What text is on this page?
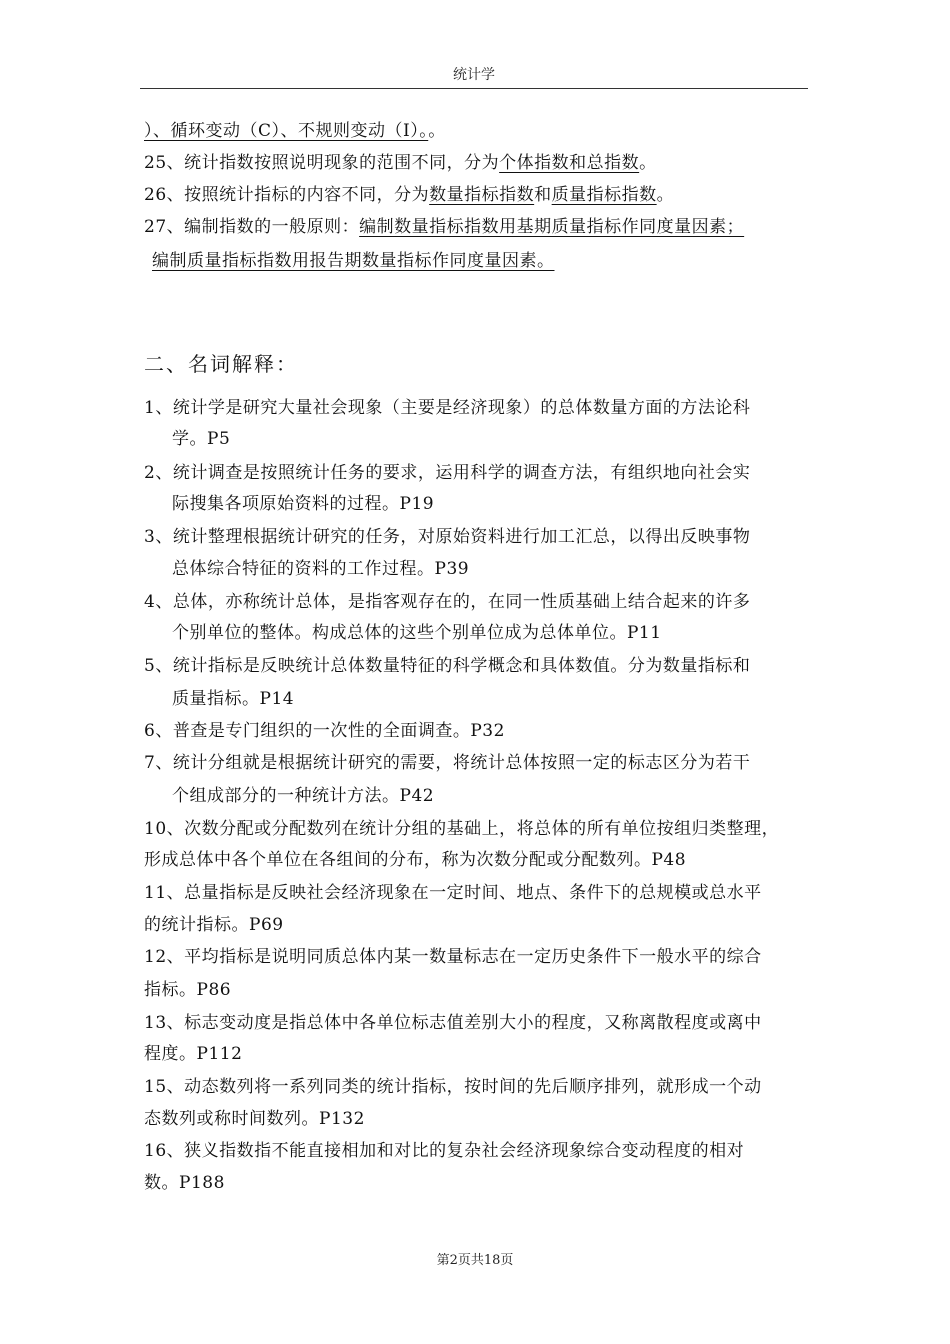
统计学
）、循环变动（C）、不规则变动（I）。。
25、统计指数按照说明现象的范围不同，分为个体指数和总指数。
26、按照统计指标的内容不同，分为数量指标指数和质量指标指数。
27、编制指数的一般原则：编制数量指标指数用基期质量指标作同度量因素；
编制质量指标指数用报告期数量指标作同度量因素。
二、名词解释：
1、统计学是研究大量社会现象（主要是经济现象）的总体数量方面的方法论科
学。P5
2、统计调查是按照统计任务的要求，运用科学的调查方法，有组织地向社会实
际搜集各项原始资料的过程。P19
3、统计整理根据统计研究的任务，对原始资料进行加工汇总，以得出反映事物
总体综合特征的资料的工作过程。P39
4、总体，亦称统计总体，是指客观存在的，在同一性质基础上结合起来的许多
个别单位的整体。构成总体的这些个别单位成为总体单位。P11
5、统计指标是反映统计总体数量特征的科学概念和具体数值。分为数量指标和
质量指标。P14
6、普查是专门组织的一次性的全面调查。P32
7、统计分组就是根据统计研究的需要，将统计总体按照一定的标志区分为若干
个组成部分的一种统计方法。P42
10、次数分配或分配数列在统计分组的基础上，将总体的所有单位按组归类整理，
形成总体中各个单位在各组间的分布，称为次数分配或分配数列。P48
11、总量指标是反映社会经济现象在一定时间、地点、条件下的总规模或总水平
的统计指标。P69
12、平均指标是说明同质总体内某一数量标志在一定历史条件下一般水平的综合
指标。P86
13、标志变动度是指总体中各单位标志值差别大小的程度，又称离散程度或离中
程度。P112
15、动态数列将一系列同类的统计指标，按时间的先后顺序排列，就形成一个动
态数列或称时间数列。P132
16、狭义指数指不能直接相加和对比的复杂社会经济现象综合变动程度的相对
数。P188
第2页共18页
